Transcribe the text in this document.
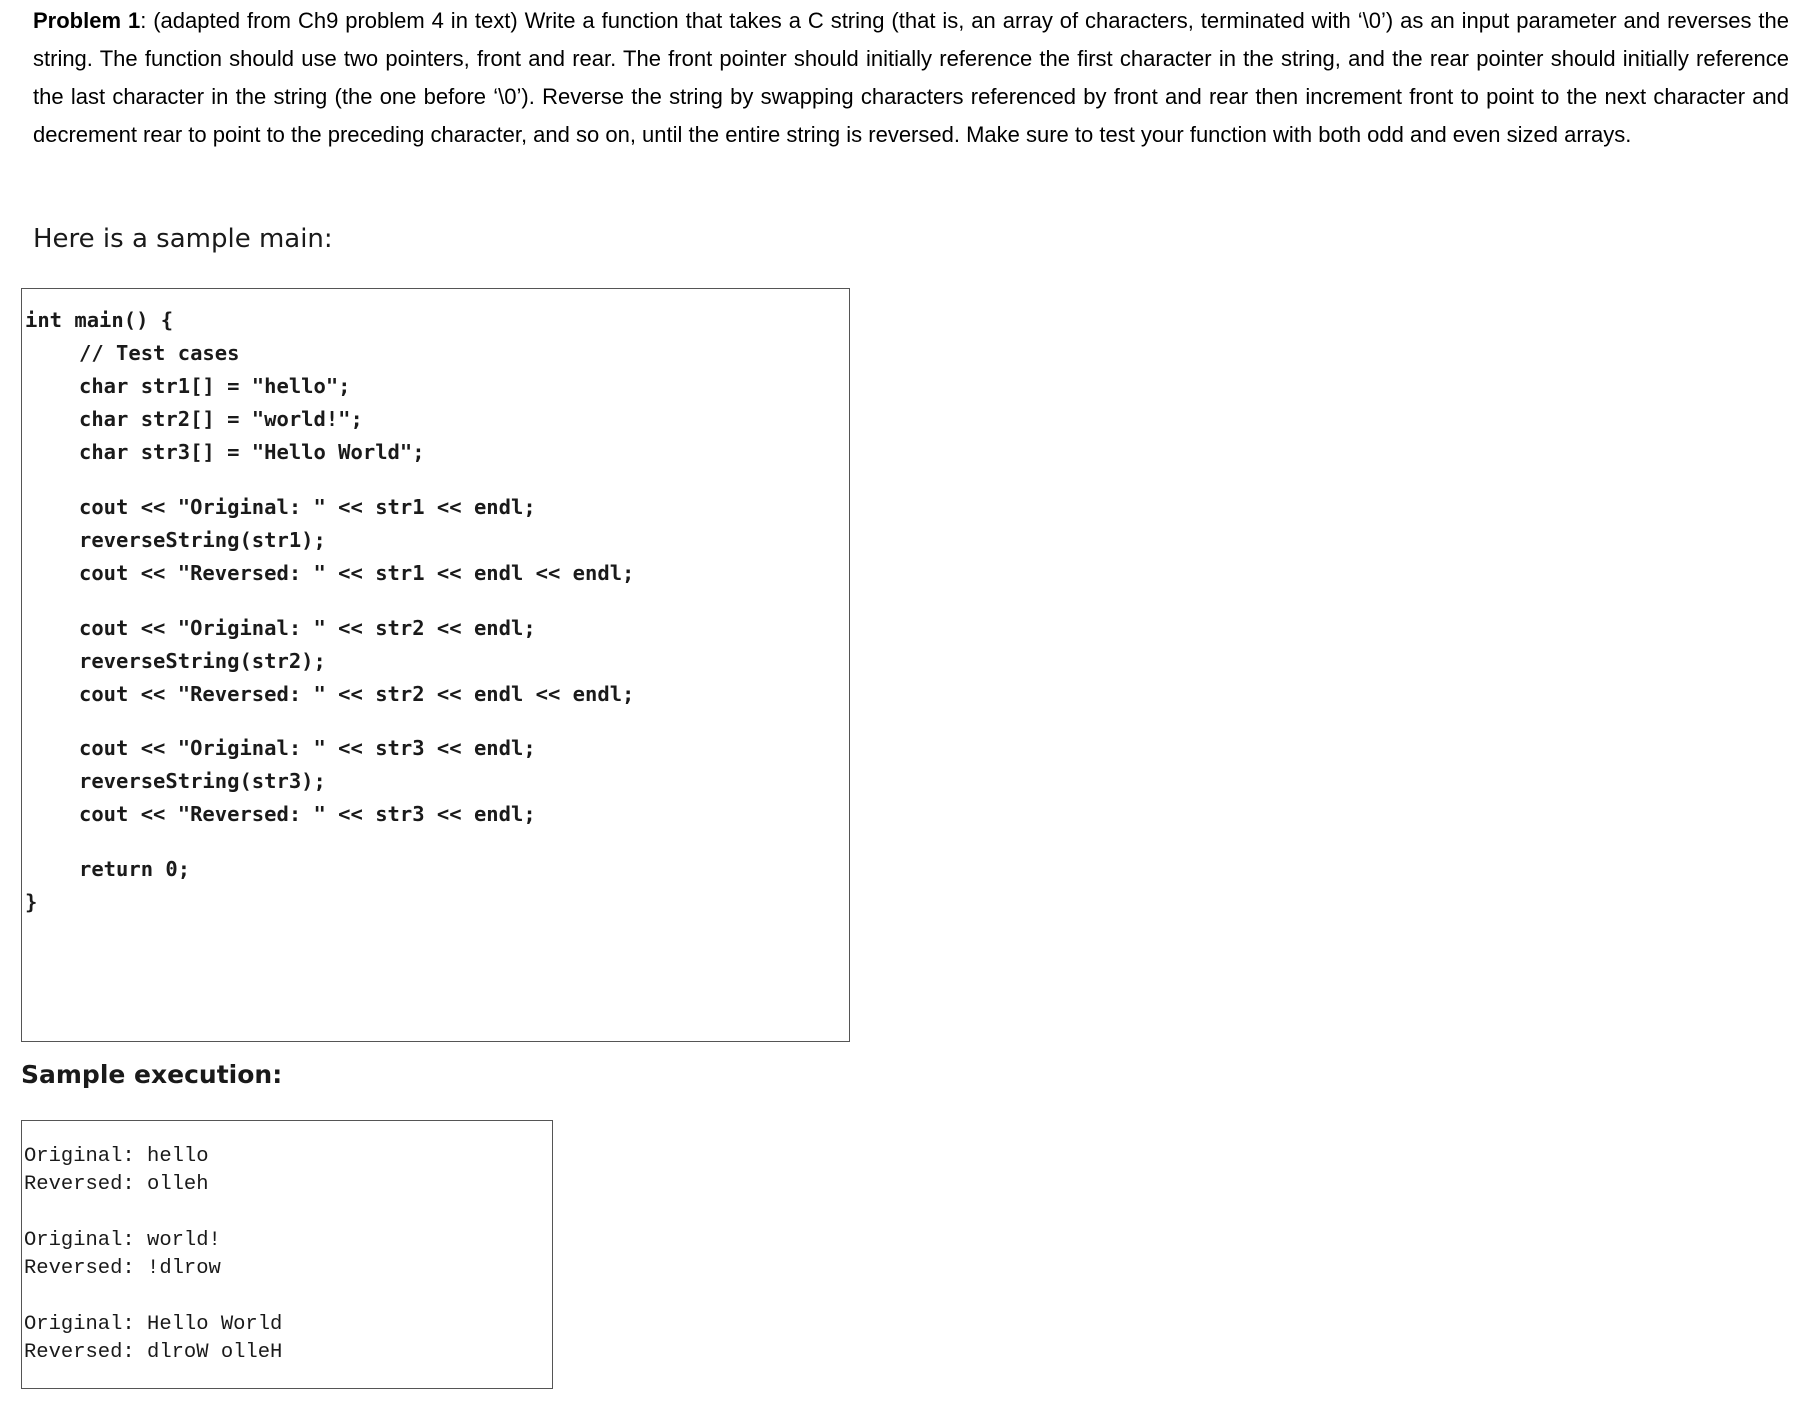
Problem 1: (adapted from Ch9 problem 4 in text) Write a function that takes a C string (that is, an array of characters, terminated with ‘\0’) as an input parameter and reverses the string. The function should use two pointers, front and rear. The front pointer should initially reference the first character in the string, and the rear pointer should initially reference the last character in the string (the one before ‘\0’). Reverse the string by swapping characters referenced by front and rear then increment front to point to the next character and decrement rear to point to the preceding character, and so on, until the entire string is reversed. Make sure to test your function with both odd and even sized arrays.

Here is a sample main:
int main() {
// Test cases
char str1[] = "hello";
char str2[] = "world!";
char str3[] = "Hello World";
cout << "Original: " << str1 << endl;
reverseString(str1);
cout << "Reversed: " << str1 << endl << endl;
cout << "Original: " << str2 << endl;
reverseString(str2);
cout << "Reversed: " << str2 << endl << endl;
cout << "Original: " << str3 << endl;
reverseString(str3);
cout << "Reversed: " << str3 << endl;
return 0;
}
Sample execution:
Original: hello
Reversed: olleh
Original: world!
Reversed: !dlrow
Original: Hello World
Reversed: dlroW olleH
